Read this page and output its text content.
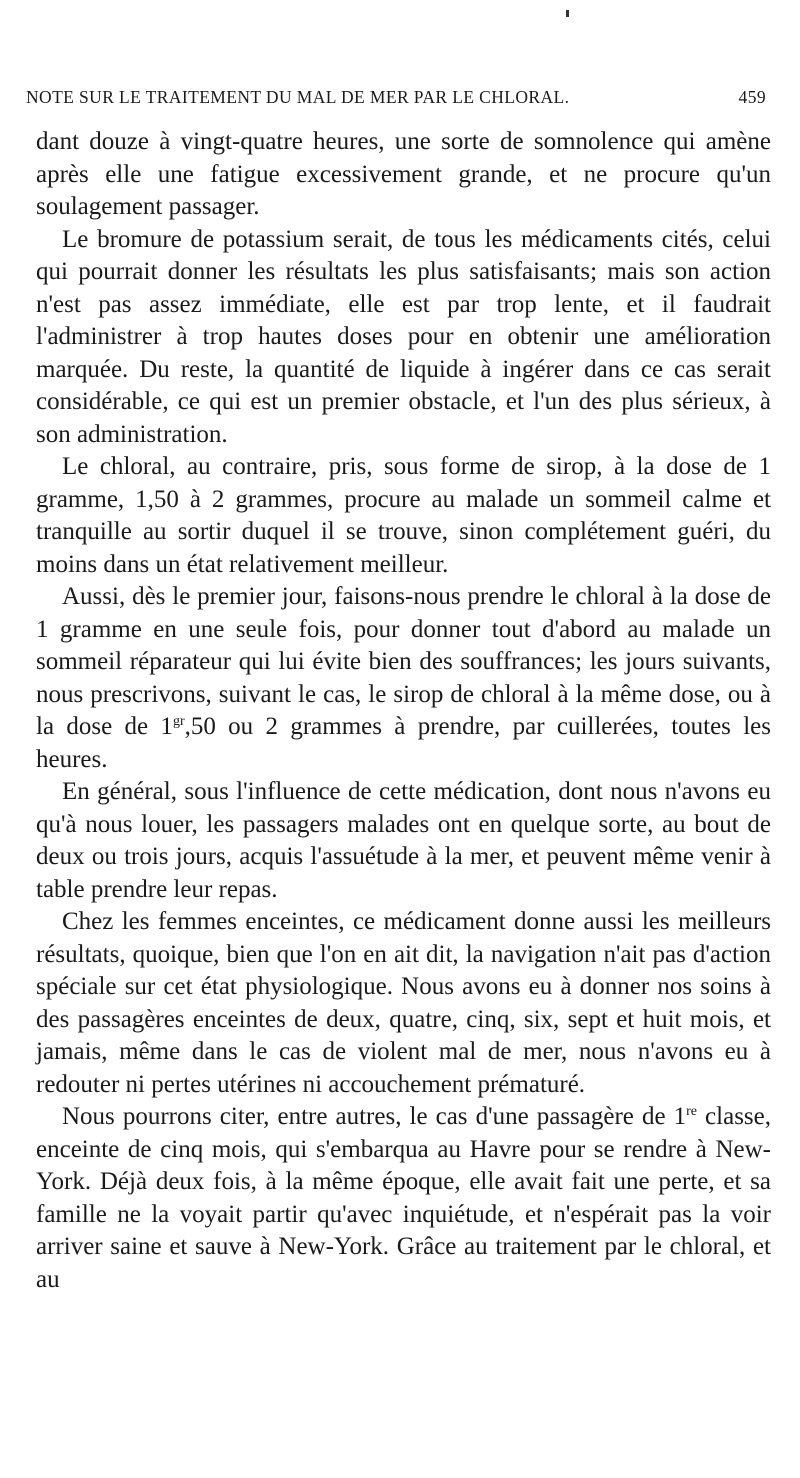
NOTE SUR LE TRAITEMENT DU MAL DE MER PAR LE CHLORAL.	459

dant douze à vingt-quatre heures, une sorte de somnolence qui amène après elle une fatigue excessivement grande, et ne procure qu'un soulagement passager.

Le bromure de potassium serait, de tous les médicaments cités, celui qui pourrait donner les résultats les plus satisfaisants; mais son action n'est pas assez immédiate, elle est par trop lente, et il faudrait l'administrer à trop hautes doses pour en obtenir une amélioration marquée. Du reste, la quantité de liquide à ingérer dans ce cas serait considérable, ce qui est un premier obstacle, et l'un des plus sérieux, à son administration.

Le chloral, au contraire, pris, sous forme de sirop, à la dose de 1 gramme, 1,50 à 2 grammes, procure au malade un sommeil calme et tranquille au sortir duquel il se trouve, sinon complétement guéri, du moins dans un état relativement meilleur.

Aussi, dès le premier jour, faisons-nous prendre le chloral à la dose de 1 gramme en une seule fois, pour donner tout d'abord au malade un sommeil réparateur qui lui évite bien des souffrances; les jours suivants, nous prescrivons, suivant le cas, le sirop de chloral à la même dose, ou à la dose de $1^{gr},50$ ou 2 grammes à prendre, par cuillerées, toutes les heures.

En général, sous l'influence de cette médication, dont nous n'avons eu qu'à nous louer, les passagers malades ont en quelque sorte, au bout de deux ou trois jours, acquis l'assuétude à la mer, et peuvent même venir à table prendre leur repas.

Chez les femmes enceintes, ce médicament donne aussi les meilleurs résultats, quoique, bien que l'on en ait dit, la navigation n'ait pas d'action spéciale sur cet état physiologique. Nous avons eu à donner nos soins à des passagères enceintes de deux, quatre, cinq, six, sept et huit mois, et jamais, même dans le cas de violent mal de mer, nous n'avons eu à redouter ni pertes utérines ni accouchement prématuré.

Nous pourrons citer, entre autres, le cas d'une passagère de 1re classe, enceinte de cinq mois, qui s'embarqua au Havre pour se rendre à New-York. Déjà deux fois, à la même époque, elle avait fait une perte, et sa famille ne la voyait partir qu'avec inquiétude, et n'espérait pas la voir arriver saine et sauve à New-York. Grâce au traitement par le chloral, et au
